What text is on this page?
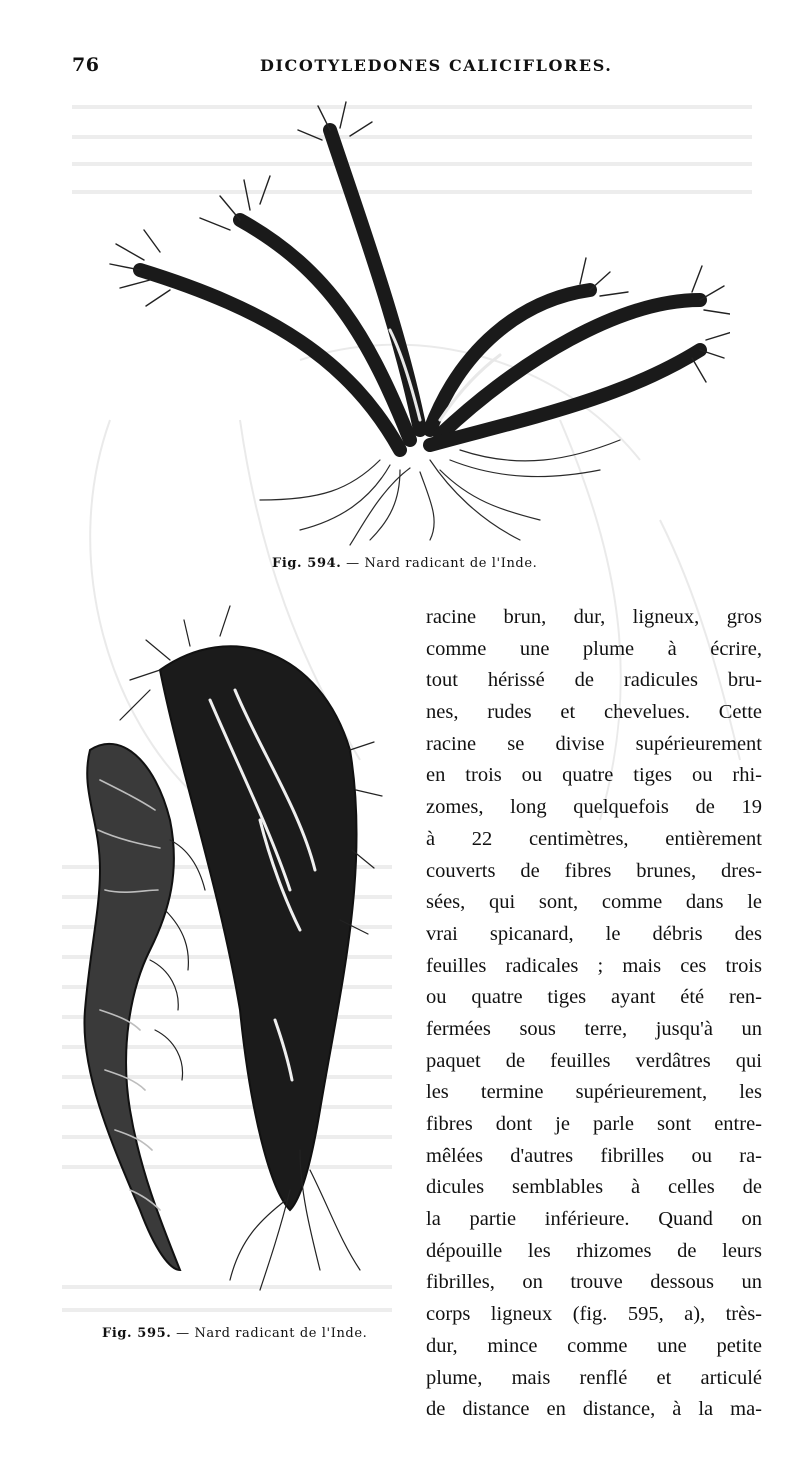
76	DICOTYLEDONES CALICIFLORES.
Fig. 594. — Nard radicant de l'Inde.
Fig. 595. — Nard radicant de l'Inde.
racine brun, dur, ligneux, gros
comme une plume à écrire,
tout hérissé de radicules bru-
nes, rudes et chevelues. Cette
racine se divise supérieurement
en trois ou quatre tiges ou rhi-
zomes, long quelquefois de 19
à 22 centimètres, entièrement
couverts de fibres brunes, dres-
sées, qui sont, comme dans le
vrai spicanard, le débris des
feuilles radicales ; mais ces trois
ou quatre tiges ayant été ren-
fermées sous terre, jusqu'à un
paquet de feuilles verdâtres qui
les termine supérieurement, les
fibres dont je parle sont entre-
mêlées d'autres fibrilles ou ra-
dicules semblables à celles de
la partie inférieure. Quand on
dépouille les rhizomes de leurs
fibrilles, on trouve dessous un
corps ligneux (fig. 595, a), très-
dur, mince comme une petite
plume, mais renflé et articulé
de distance en distance, à la ma-
